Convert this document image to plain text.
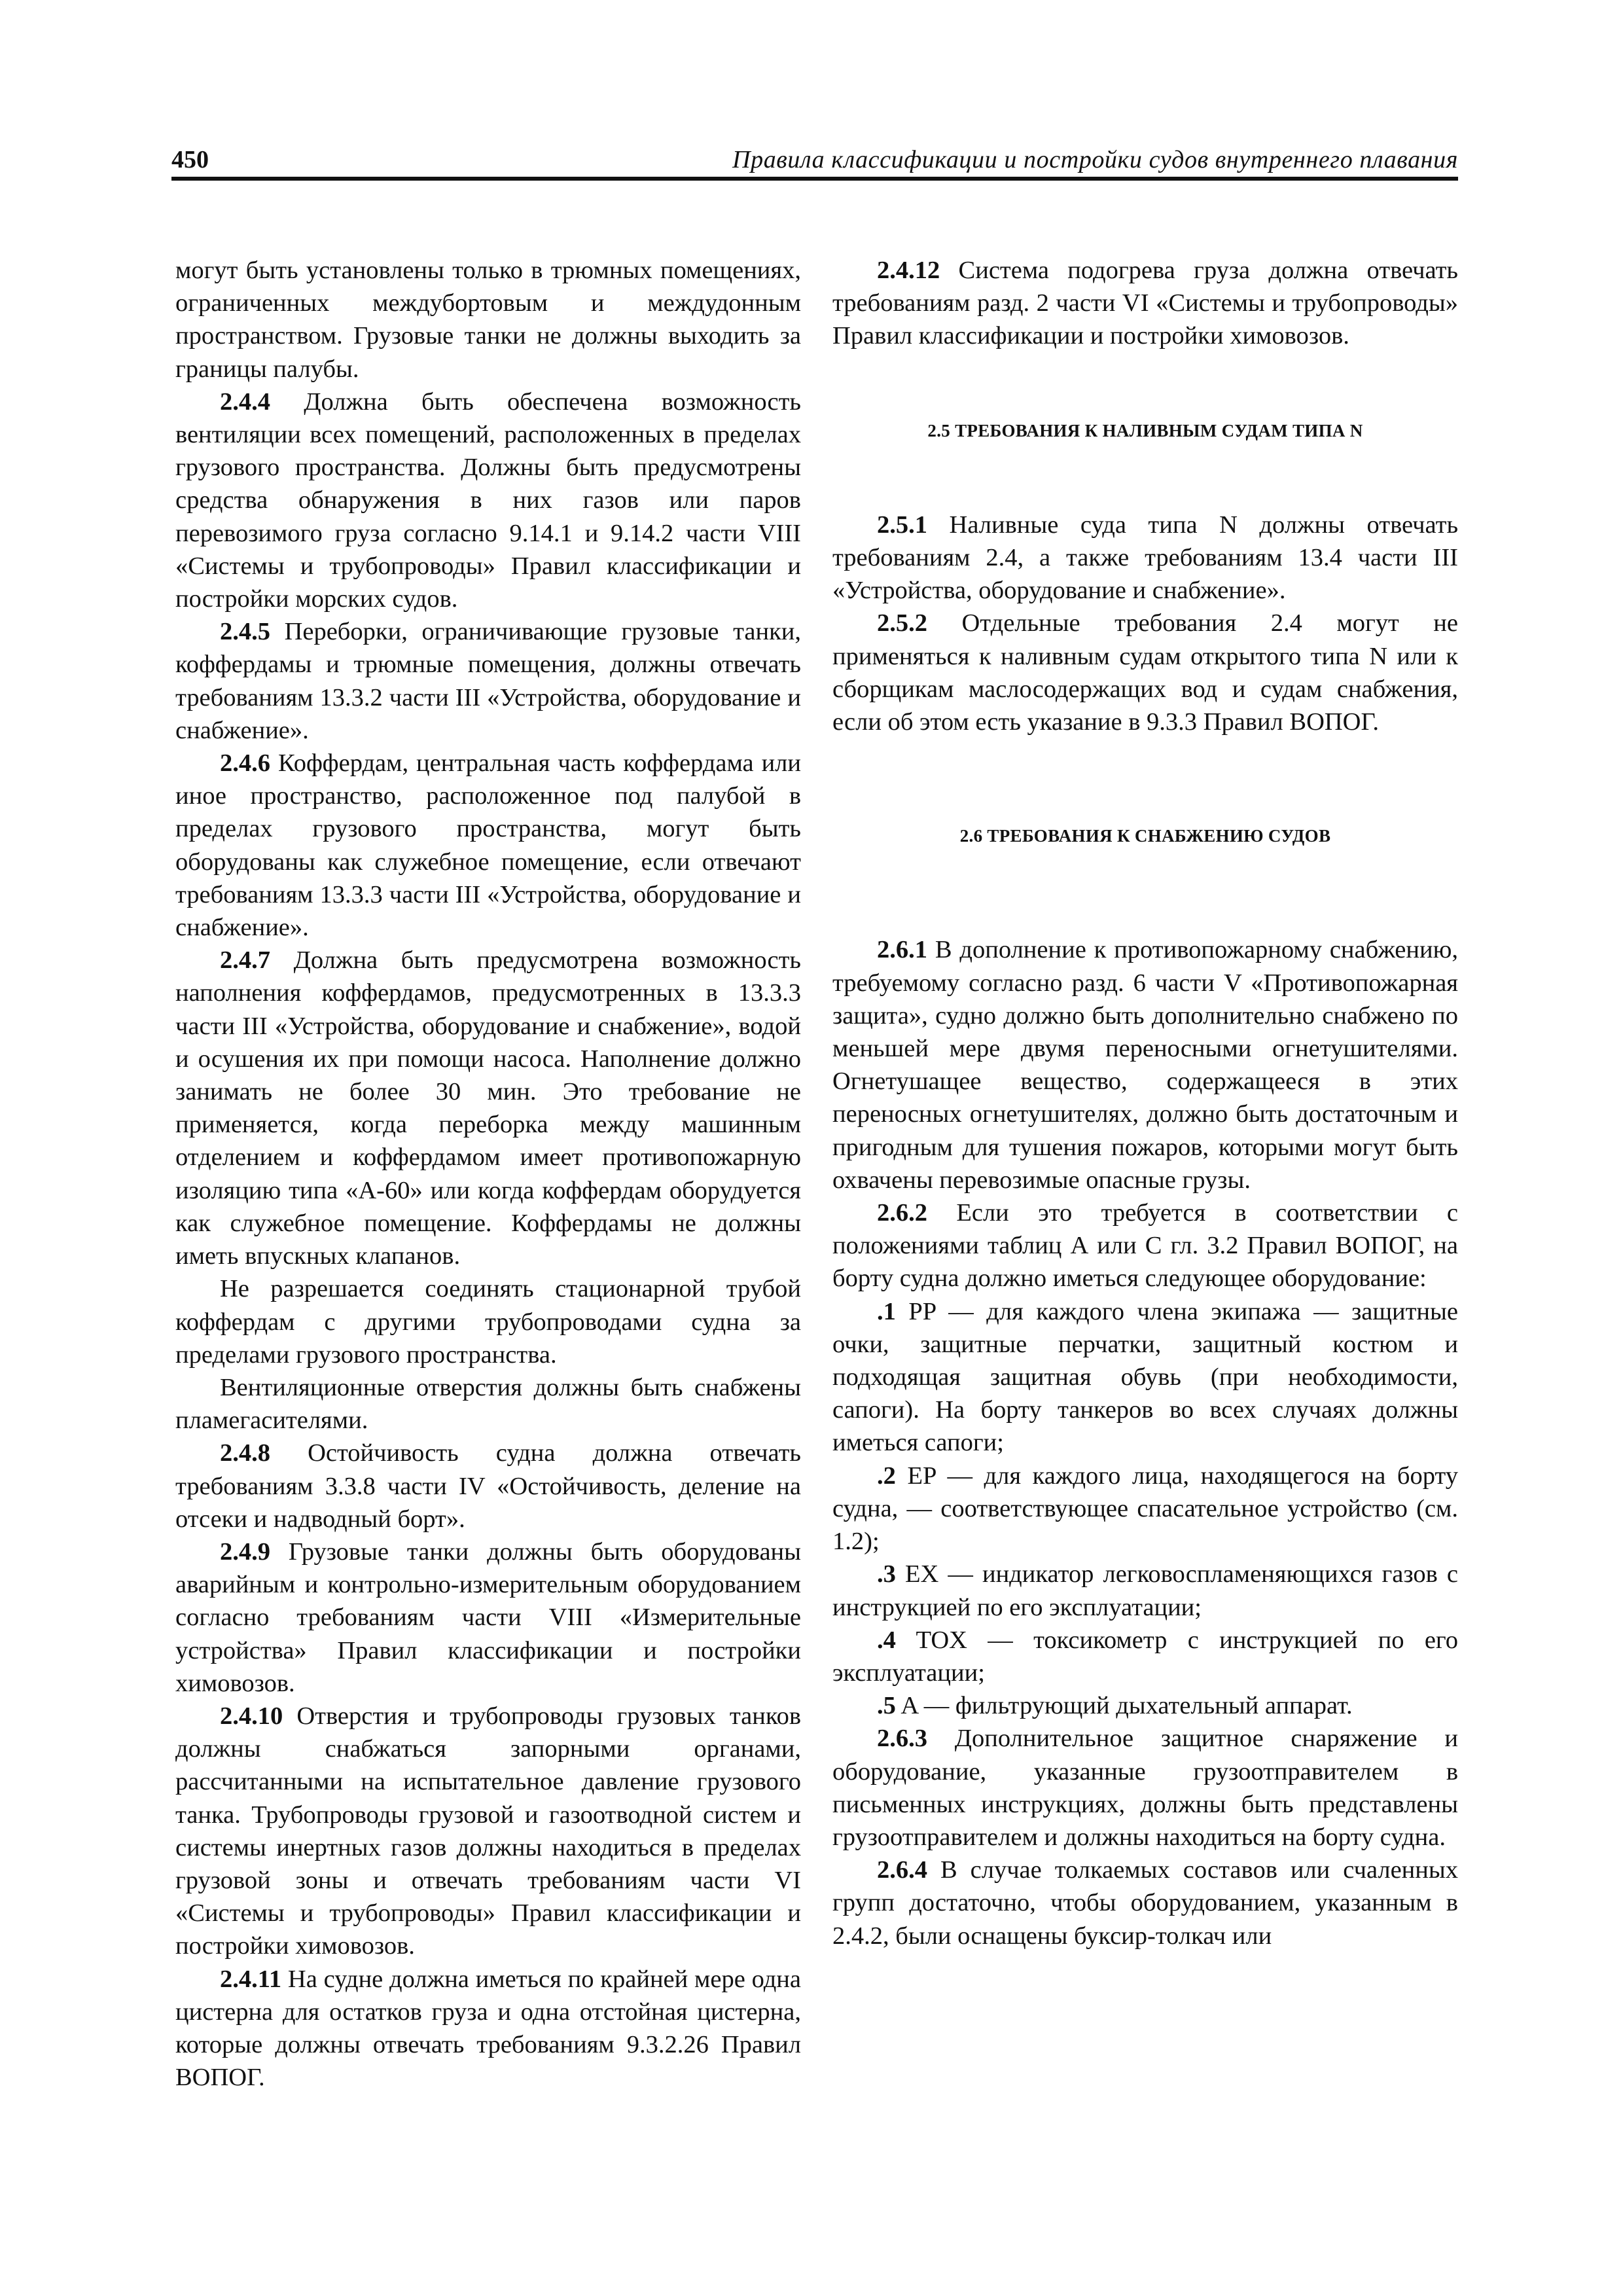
450	Правила классификации и постройки судов внутреннего плавания

могут быть установлены только в трюмных помещениях, ограниченных междубортовым и междудонным пространством. Грузовые танки не должны выходить за границы палубы.

2.4.4 Должна быть обеспечена возможность вентиляции всех помещений, расположенных в пределах грузового пространства. Должны быть предусмотрены средства обнаружения в них газов или паров перевозимого груза согласно 9.14.1 и 9.14.2 части VIII «Системы и трубопроводы» Правил классификации и постройки морских судов.

2.4.5 Переборки, ограничивающие грузовые танки, коффердамы и трюмные помещения, должны отвечать требованиям 13.3.2 части III «Устройства, оборудование и снабжение».

2.4.6 Коффердам, центральная часть коффердама или иное пространство, расположенное под палубой в пределах грузового пространства, могут быть оборудованы как служебное помещение, если отвечают требованиям 13.3.3 части III «Устройства, оборудование и снабжение».

2.4.7 Должна быть предусмотрена возможность наполнения коффердамов, предусмотренных в 13.3.3 части III «Устройства, оборудование и снабжение», водой и осушения их при помощи насоса. Наполнение должно занимать не более 30 мин. Это требование не применяется, когда переборка между машинным отделением и коффердамом имеет противопожарную изоляцию типа «А-60» или когда коффердам оборудуется как служебное помещение. Коффердамы не должны иметь впускных клапанов.

Не разрешается соединять стационарной трубой коффердам с другими трубопроводами судна за пределами грузового пространства.

Вентиляционные отверстия должны быть снабжены пламегасителями.

2.4.8 Остойчивость судна должна отвечать требованиям 3.3.8 части IV «Остойчивость, деление на отсеки и надводный борт».

2.4.9 Грузовые танки должны быть оборудованы аварийным и контрольно-измерительным оборудованием согласно требованиям части VIII «Измерительные устройства» Правил классификации и постройки химовозов.

2.4.10 Отверстия и трубопроводы грузовых танков должны снабжаться запорными органами, рассчитанными на испытательное давление грузового танка. Трубопроводы грузовой и газоотводной систем и системы инертных газов должны находиться в пределах грузовой зоны и отвечать требованиям части VI «Системы и трубопроводы» Правил классификации и постройки химовозов.

2.4.11 На судне должна иметься по крайней мере одна цистерна для остатков груза и одна отстойная цистерна, которые должны отвечать требованиям 9.3.2.26 Правил ВОПОГ.

2.4.12 Система подогрева груза должна отвечать требованиям разд. 2 части VI «Системы и трубопроводы» Правил классификации и постройки химовозов.

2.5 ТРЕБОВАНИЯ К НАЛИВНЫМ СУДАМ ТИПА N

2.5.1 Наливные суда типа N должны отвечать требованиям 2.4, а также требованиям 13.4 части III «Устройства, оборудование и снабжение».

2.5.2 Отдельные требования 2.4 могут не применяться к наливным судам открытого типа N или к сборщикам маслосодержащих вод и судам снабжения, если об этом есть указание в 9.3.3 Правил ВОПОГ.

2.6 ТРЕБОВАНИЯ К СНАБЖЕНИЮ СУДОВ

2.6.1 В дополнение к противопожарному снабжению, требуемому согласно разд. 6 части V «Противопожарная защита», судно должно быть дополнительно снабжено по меньшей мере двумя переносными огнетушителями. Огнетушащее вещество, содержащееся в этих переносных огнетушителях, должно быть достаточным и пригодным для тушения пожаров, которыми могут быть охвачены перевозимые опасные грузы.

2.6.2 Если это требуется в соответствии с положениями таблиц А или С гл. 3.2 Правил ВОПОГ, на борту судна должно иметься следующее оборудование:

.1 PP — для каждого члена экипажа — защитные очки, защитные перчатки, защитный костюм и подходящая защитная обувь (при необходимости, сапоги). На борту танкеров во всех случаях должны иметься сапоги;

.2 EP — для каждого лица, находящегося на борту судна, — соответствующее спасательное устройство (см. 1.2);

.3 EX — индикатор легковоспламеняющихся газов с инструкцией по его эксплуатации;

.4 TOX — токсикометр с инструкцией по его эксплуатации;

.5 A — фильтрующий дыхательный аппарат.

2.6.3 Дополнительное защитное снаряжение и оборудование, указанные грузоотправителем в письменных инструкциях, должны быть представлены грузоотправителем и должны находиться на борту судна.

2.6.4 В случае толкаемых составов или счаленных групп достаточно, чтобы оборудованием, указанным в 2.4.2, были оснащены буксир-толкач или
